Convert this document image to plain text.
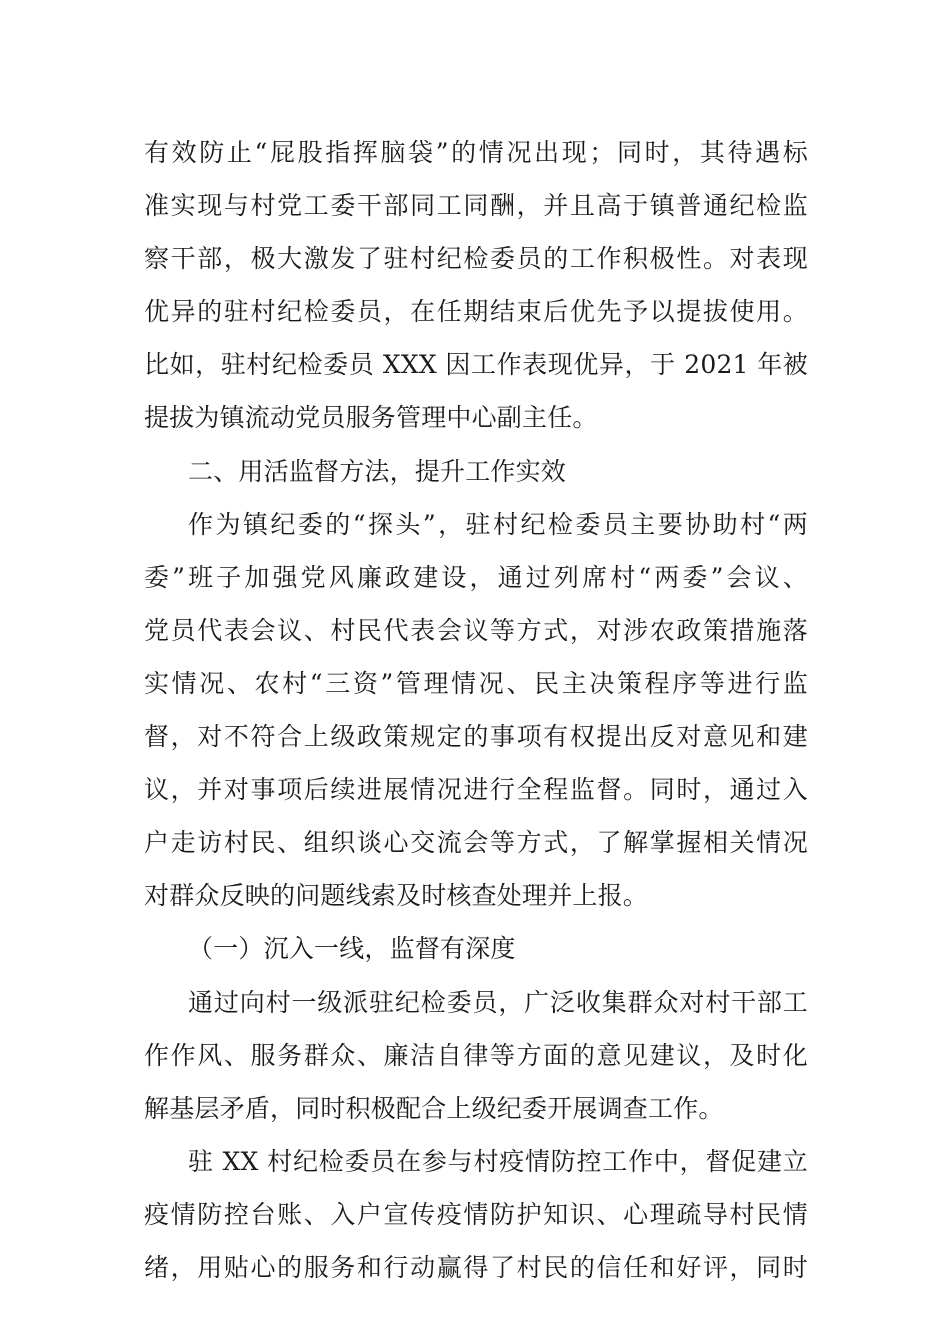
有效防止“屁股指挥脑袋”的情况出现；同时，其待遇标
准实现与村党工委干部同工同酬，并且高于镇普通纪检监
察干部，极大激发了驻村纪检委员的工作积极性。对表现
优异的驻村纪检委员，在任期结束后优先予以提拔使用。
比如，驻村纪检委员 XXX 因工作表现优异，于 2021 年被
提拔为镇流动党员服务管理中心副主任。
二、用活监督方法，提升工作实效
作为镇纪委的“探头”，驻村纪检委员主要协助村“两
委”班子加强党风廉政建设，通过列席村“两委”会议、
党员代表会议、村民代表会议等方式，对涉农政策措施落
实情况、农村“三资”管理情况、民主决策程序等进行监
督，对不符合上级政策规定的事项有权提出反对意见和建
议，并对事项后续进展情况进行全程监督。同时，通过入
户走访村民、组织谈心交流会等方式，了解掌握相关情况
对群众反映的问题线索及时核查处理并上报。
（一）沉入一线，监督有深度
通过向村一级派驻纪检委员，广泛收集群众对村干部工
作作风、服务群众、廉洁自律等方面的意见建议，及时化
解基层矛盾，同时积极配合上级纪委开展调查工作。
驻 XX 村纪检委员在参与村疫情防控工作中，督促建立
疫情防控台账、入户宣传疫情防护知识、心理疏导村民情
绪，用贴心的服务和行动赢得了村民的信任和好评，同时
